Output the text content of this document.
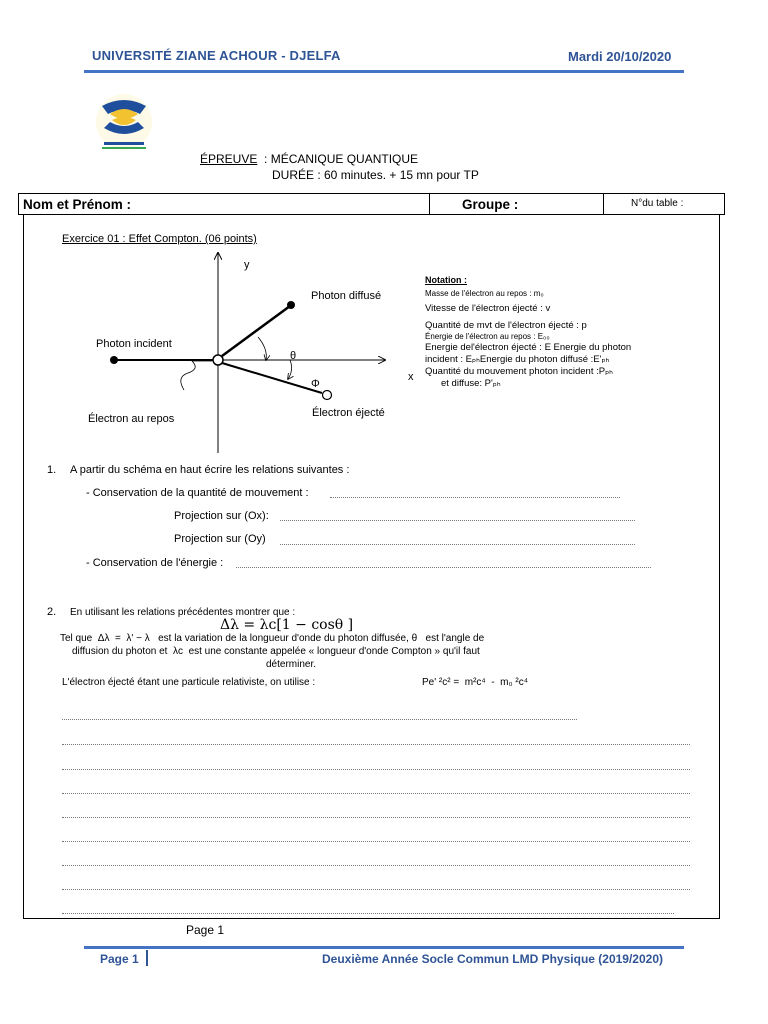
UNIVERSITÉ ZIANE ACHOUR - DJELFA	Mardi 20/10/2020
ÉPREUVE  : MÉCANIQUE QUANTIQUE
DURÉE : 60 minutes. + 15 mn pour TP
Nom et Prénom :	Groupe :	N°du table :
Exercice 01 : Effet Compton. (06 points)
y
x
Photon diffusé
Photon incident
Électron au repos	Électron éjecté
θ
Φ
Notation :
Masse de l'électron au repos : m₀
Vitesse de l'électron éjecté : v
Quantité de mvt de l'électron éjecté : p
Énergie de l'électron au repos : E₀₀
Energie del'électron éjecté : E Energie du photon incident : EₚₕEnergie du photon diffusé :E'ₚₕ
Quantité du mouvement photon incident :Pₚₕ
et diffuse: P'ₚₕ
1. A partir du schéma en haut écrire les relations suivantes :
- Conservation de la quantité de mouvement :
Projection sur (Ox):
Projection sur (Oy)
- Conservation de l'énergie :
2. En utilisant les relations précédentes montrer que :
Δλ = λᴄ[1 − cosθ ]
Tel que  Δλ  =  λ' − λ   est la variation de la longueur d'onde du photon diffusée, θ   est l'angle de
diffusion du photon et  λᴄ  est une constante appelée « longueur d'onde Compton » qu'il faut
déterminer.
L'électron éjecté étant une particule relativiste, on utilise :	Pe' ²c² =  m²c⁴  -  m₀ ²c⁴
Page 1
Page 1	Deuxième Année Socle Commun LMD Physique (2019/2020)
